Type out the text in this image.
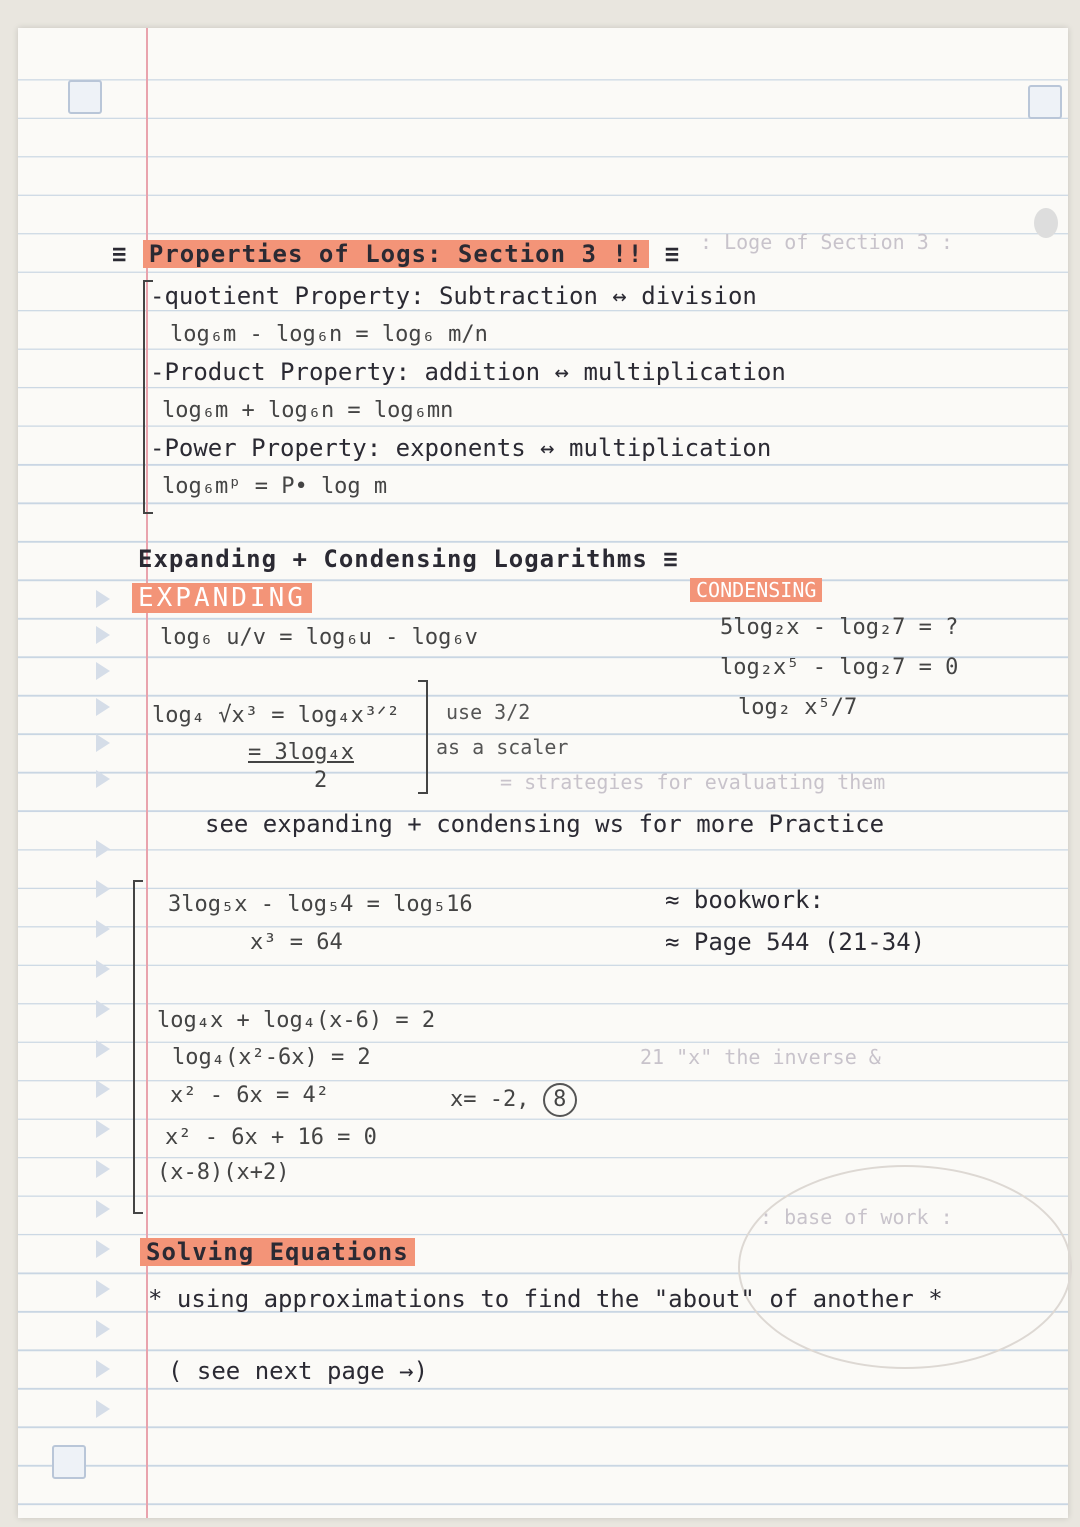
: Loge of Section 3 :
= strategies for evaluating them
21 "x" the inverse &
: base of work :
≡ Properties of Logs: Section 3 !! ≡
-quotient Property: Subtraction ↔ division
log₆m - log₆n = log₆ m/n
-Product Property: addition ↔ multiplication
log₆m + log₆n = log₆mn
-Power Property: exponents ↔ multiplication
log₆mᵖ = P• log m
Expanding + Condensing Logarithms ≡
EXPANDING
log₆ u/v = log₆u - log₆v
log₄ √x³ = log₄x³ᐟ²
= 3log₄x
2
use 3/2
as a scaler
CONDENSING
5log₂x - log₂7 = ?
log₂x⁵ - log₂7 = 0
log₂ x⁵/7
see expanding + condensing ws for more Practice
3log₅x - log₅4 = log₅16
x³ = 64
≈ bookwork:
≈ Page 544 (21-34)
log₄x + log₄(x-6) = 2
log₄(x²-6x) = 2
x² - 6x = 4²
x² - 6x + 16 = 0
(x-8)(x+2)
x= -2, 8
Solving Equations
* using approximations to find the "about" of another *
( see next page →)
